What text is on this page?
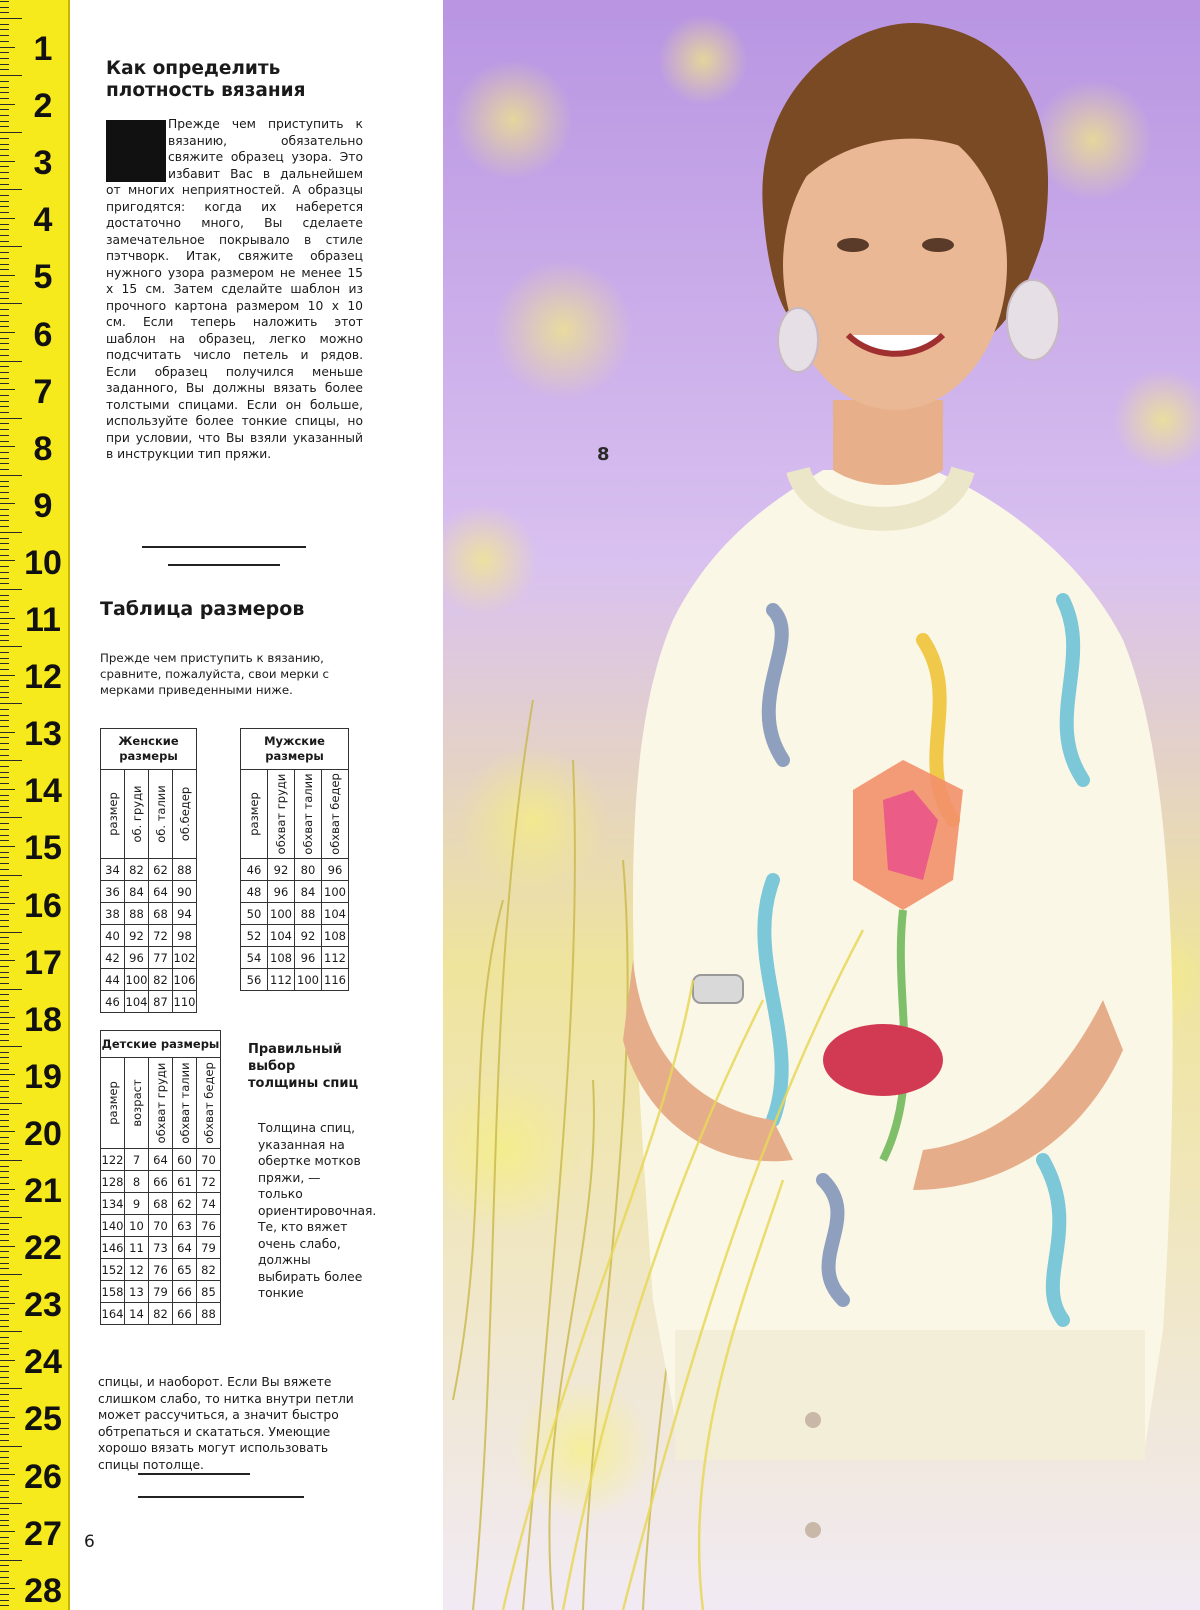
1
2
3
4
5
6
7
8
9
10
11
12
13
14
15
16
17
18
19
20
21
22
23
24
25
26
27
28
Как определить плотность вязания

Прежде чем приступить к вязанию, обязательно свяжите образец узора. Это избавит Вас в дальнейшем от многих неприятностей. А образцы пригодятся: когда их наберется достаточно много, Вы сделаете замечательное покрывало в стиле пэтчворк. Итак, свяжите образец нужного узора размером не менее 15 x 15 см. Затем сделайте шаблон из прочного картона размером 10 x 10 см. Если теперь наложить этот шаблон на образец, легко можно подсчитать число петель и рядов. Если образец получился меньше заданного, Вы должны вязать более толстыми спицами. Если он больше, используйте более тонкие спицы, но при условии, что Вы взяли указанный в инструкции тип пряжи.

Таблица размеров

Прежде чем приступить к вязанию, сравните, пожалуйста, свои мерки с мерками приведенными ниже.

Женские размеры			

размер	об. груди	об. талии	об.бедер

34	82	62	88
36	84	64	90
38	88	68	94
40	92	72	98
42	96	77	102
44	100	82	106
46	104	87	110
Мужские размеры			

размер	обхват груди	обхват талии	обхват бедер

46	92	80	96
48	96	84	100
50	100	88	104
52	104	92	108
54	108	96	112
56	112	100	116
Детские размеры				

размер	возраст	обхват груди	обхват талии	обхват бедер

122	7	64	60	70
128	8	66	61	72
134	9	68	62	74
140	10	70	63	76
146	11	73	64	79
152	12	76	65	82
158	13	79	66	85
164	14	82	66	88
Правильный выбор толщины спиц

Толщина спиц, указанная на обертке мотков пряжи, — только ориентировочная. Те, кто вяжет очень слабо, должны выбирать более тонкие

спицы, и наоборот. Если Вы вяжете слишком слабо, то нитка внутри петли может рассучиться, а значит быстро обтрепаться и скататься. Умеющие хорошо вязать могут использовать спицы потолще.

6
8
